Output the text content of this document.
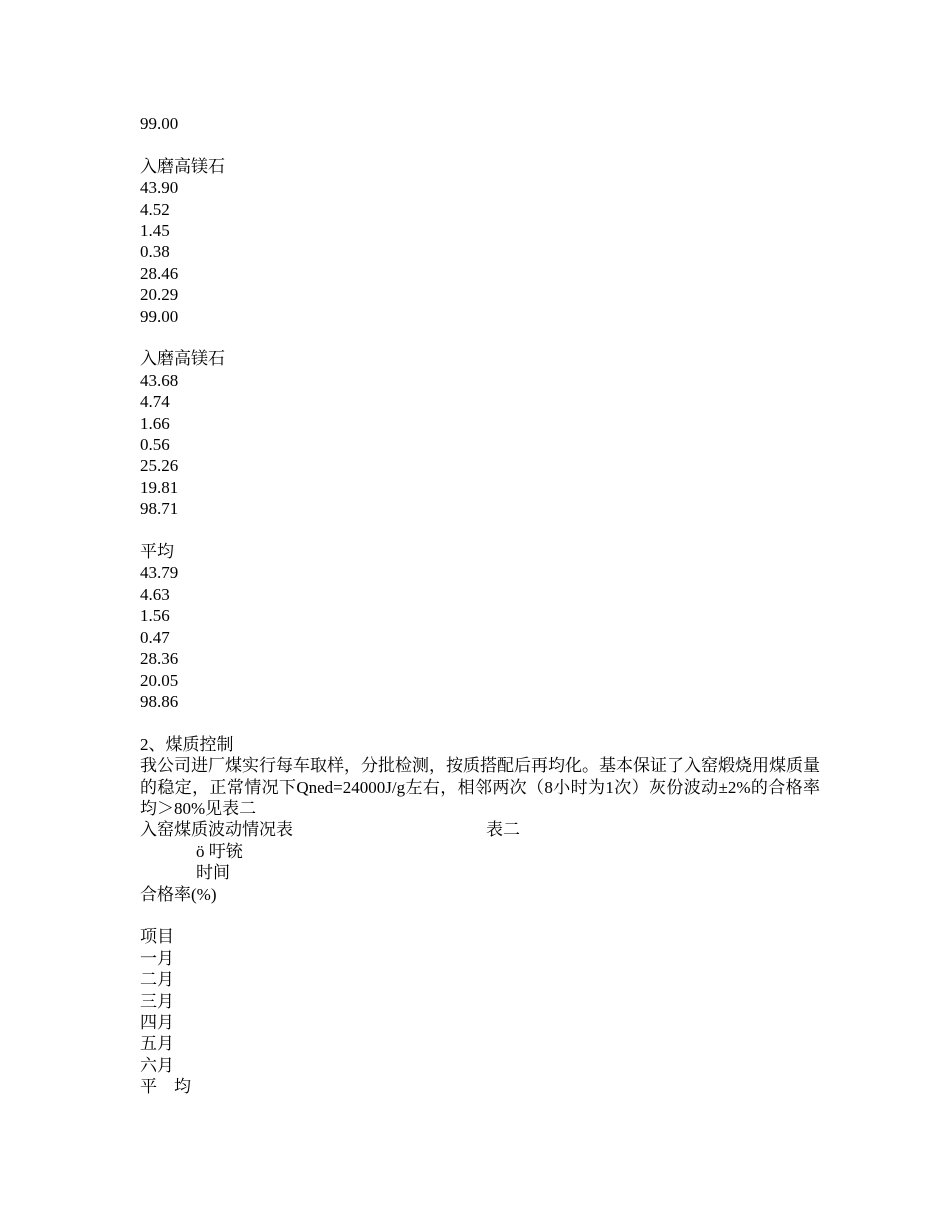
99.00
入磨高镁石
43.90
4.52
1.45
0.38
28.46
20.29
99.00
入磨高镁石
43.68
4.74
1.66
0.56
25.26
19.81
98.71
平均
43.79
4.63
1.56
0.47
28.36
20.05
98.86
2、煤质控制
我公司进厂煤实行每车取样，分批检测，按质搭配后再均化。基本保证了入窑煅烧用煤质量的稳定，正常情况下Qned=24000J/g左右，相邻两次（8小时为1次）灰份波动±2%的合格率均＞80%见表二
入窑煤质波动情况表	表二
ö 吁铳
时间
合格率(%)
项目
一月
二月
三月
四月
五月
六月
平    均
